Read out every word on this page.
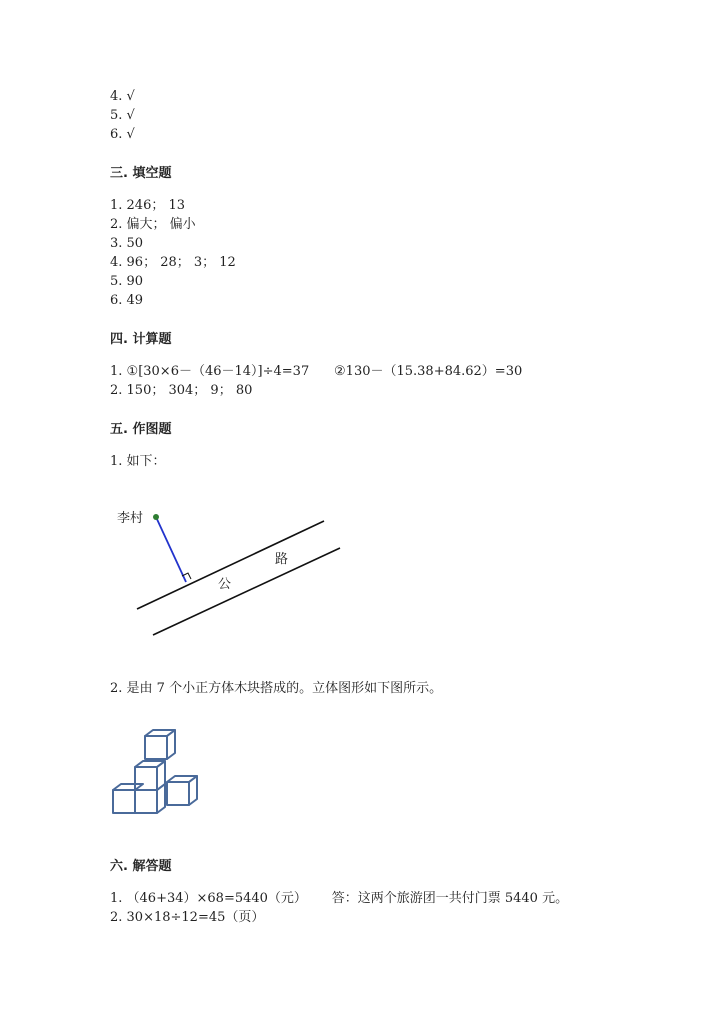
4. √
5. √
6. √
三. 填空题
1. 246； 13
2. 偏大； 偏小
3. 50
4. 96； 28； 3； 12
5. 90
6. 49
四. 计算题
1. ①[30×6－（46－14）]÷4=37      ②130－（15.38+84.62）=30
2. 150； 304； 9； 80
五. 作图题
1. 如下：
李村
路
公
2. 是由 7 个小正方体木块搭成的。立体图形如下图所示。
六. 解答题
1. （46+34）×68=5440（元）      答：这两个旅游团一共付门票 5440 元。
2. 30×18÷12=45（页）
